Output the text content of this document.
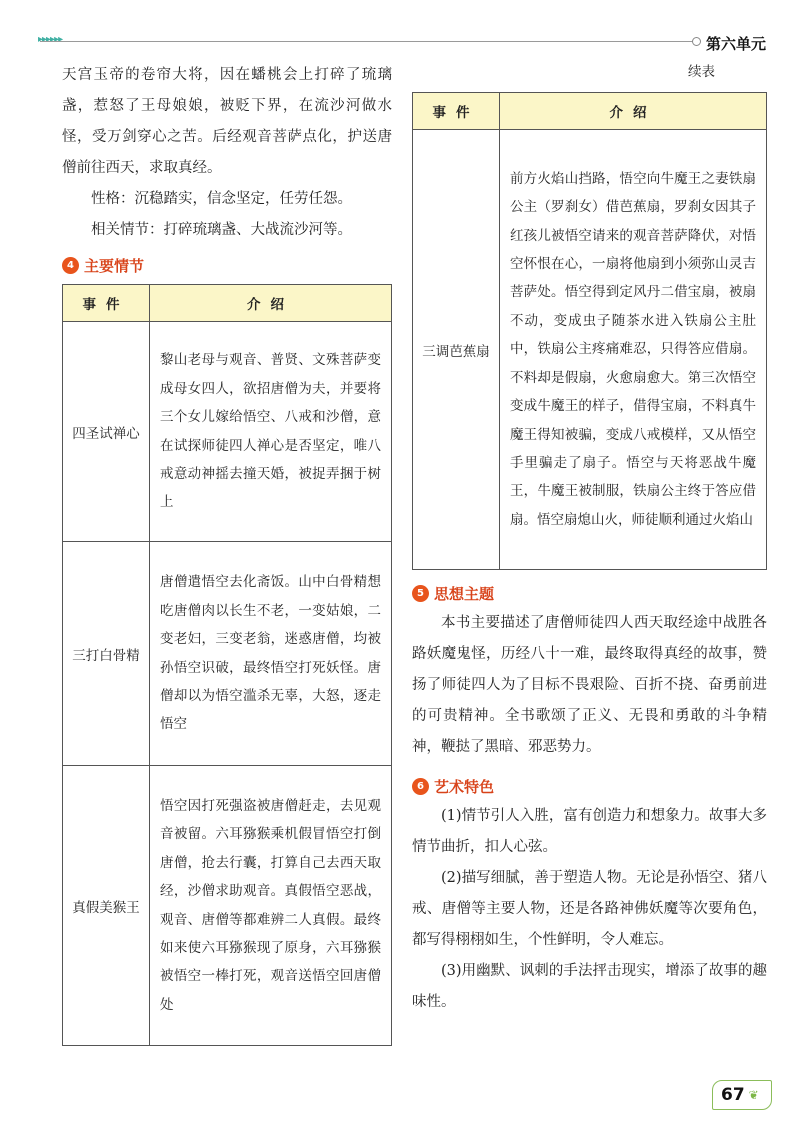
▸▸▸▸▸▸	第六单元

天宫玉帝的卷帘大将，因在蟠桃会上打碎了琉璃盏，惹怒了王母娘娘，被贬下界，在流沙河做水怪，受万剑穿心之苦。后经观音菩萨点化，护送唐僧前往西天，求取真经。

性格：沉稳踏实，信念坚定，任劳任怨。

相关情节：打碎琉璃盏、大战流沙河等。

4 主要情节
事件	介绍
四圣试禅心	黎山老母与观音、普贤、文殊菩萨变成母女四人，欲招唐僧为夫，并要将三个女儿嫁给悟空、八戒和沙僧，意在试探师徒四人禅心是否坚定，唯八戒意动神摇去撞天婚，被捉弄捆于树上
三打白骨精	唐僧遣悟空去化斋饭。山中白骨精想吃唐僧肉以长生不老，一变姑娘，二变老妇，三变老翁，迷惑唐僧，均被孙悟空识破，最终悟空打死妖怪。唐僧却以为悟空滥杀无辜，大怒，逐走悟空
真假美猴王	悟空因打死强盗被唐僧赶走，去见观音被留。六耳猕猴乘机假冒悟空打倒唐僧，抢去行囊，打算自己去西天取经，沙僧求助观音。真假悟空恶战，观音、唐僧等都难辨二人真假。最终如来使六耳猕猴现了原身，六耳猕猴被悟空一棒打死，观音送悟空回唐僧处
续表
事件	介绍
三调芭蕉扇	前方火焰山挡路，悟空向牛魔王之妻铁扇公主（罗刹女）借芭蕉扇，罗刹女因其子红孩儿被悟空请来的观音菩萨降伏，对悟空怀恨在心，一扇将他扇到小须弥山灵吉菩萨处。悟空得到定风丹二借宝扇，被扇不动，变成虫子随茶水进入铁扇公主肚中，铁扇公主疼痛难忍，只得答应借扇。不料却是假扇，火愈扇愈大。第三次悟空变成牛魔王的样子，借得宝扇，不料真牛魔王得知被骗，变成八戒模样，又从悟空手里骗走了扇子。悟空与天将恶战牛魔王，牛魔王被制服，铁扇公主终于答应借扇。悟空扇熄山火，师徒顺利通过火焰山
5 思想主题

本书主要描述了唐僧师徒四人西天取经途中战胜各路妖魔鬼怪，历经八十一难，最终取得真经的故事，赞扬了师徒四人为了目标不畏艰险、百折不挠、奋勇前进的可贵精神。全书歌颂了正义、无畏和勇敢的斗争精神，鞭挞了黑暗、邪恶势力。

6 艺术特色

(1)情节引人入胜，富有创造力和想象力。故事大多情节曲折，扣人心弦。

(2)描写细腻，善于塑造人物。无论是孙悟空、猪八戒、唐僧等主要人物，还是各路神佛妖魔等次要角色，都写得栩栩如生，个性鲜明，令人难忘。

(3)用幽默、讽刺的手法抨击现实，增添了故事的趣味性。

67 ❦
